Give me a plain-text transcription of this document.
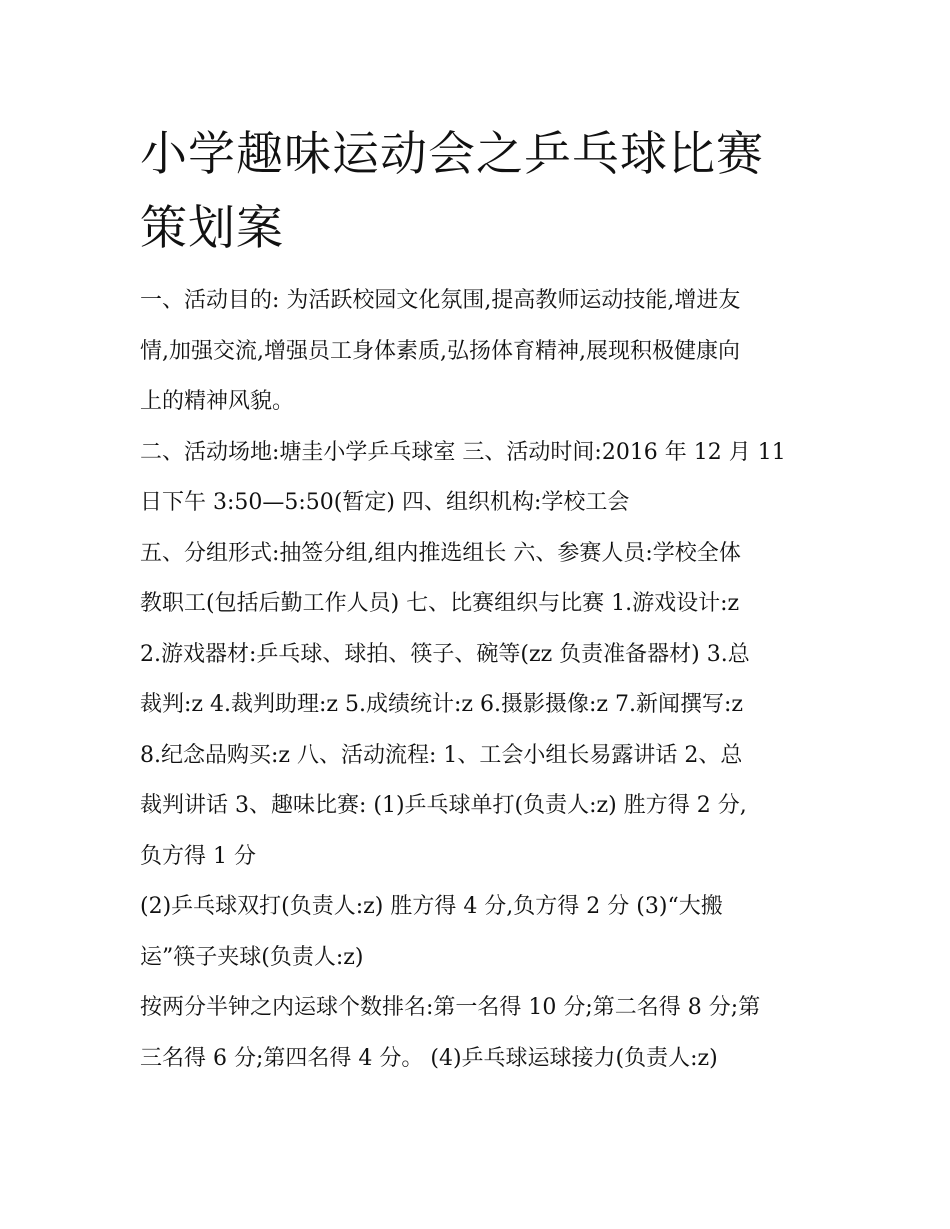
小学趣味运动会之乒乓球比赛
策划案
一、活动目的: 为活跃校园文化氛围,提高教师运动技能,增进友
情,加强交流,增强员工身体素质,弘扬体育精神,展现积极健康向
上的精神风貌。
二、活动场地:塘圭小学乒乓球室 三、活动时间:2016 年 12 月 11
日下午 3:50—5:50(暂定) 四、组织机构:学校工会
五、分组形式:抽签分组,组内推选组长 六、参赛人员:学校全体
教职工(包括后勤工作人员) 七、比赛组织与比赛 1.游戏设计:z
2.游戏器材:乒乓球、球拍、筷子、碗等(zz 负责准备器材) 3.总
裁判:z 4.裁判助理:z 5.成绩统计:z 6.摄影摄像:z 7.新闻撰写:z
8.纪念品购买:z 八、活动流程: 1、工会小组长易露讲话 2、总
裁判讲话 3、趣味比赛: (1)乒乓球单打(负责人:z) 胜方得 2 分,
负方得 1 分
(2)乒乓球双打(负责人:z) 胜方得 4 分,负方得 2 分 (3)“大搬
运”筷子夹球(负责人:z)
按两分半钟之内运球个数排名:第一名得 10 分;第二名得 8 分;第
三名得 6 分;第四名得 4 分。 (4)乒乓球运球接力(负责人:z)
